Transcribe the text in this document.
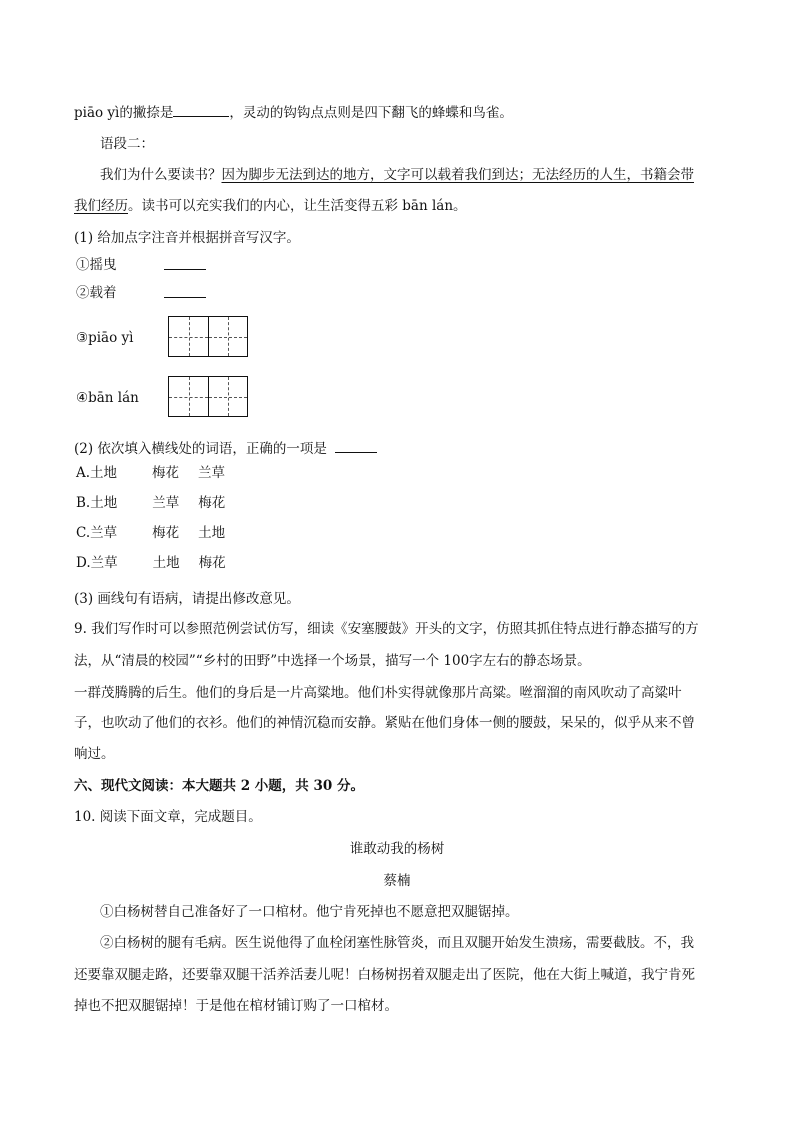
piāo yì的撇捺是	，灵动的钩钩点点则是四下翻飞的蜂蝶和鸟雀。
语段二：
我们为什么要读书？因为脚步无法到达的地方，文字可以载着我们到达；无法经历的人生，书籍会带
我们经历。读书可以充实我们的内心，让生活变得五彩 bān lán。
(1) 给加点字注音并根据拼音写汉字。
①摇曳
②载着
③piāo yì
④bān lán
(2) 依次填入横线处的词语，正确的一项是
A.土地	梅花 兰草
B.土地	兰草 梅花
C.兰草	梅花 土地
D.兰草	土地 梅花
(3) 画线句有语病，请提出修改意见。
9. 我们写作时可以参照范例尝试仿写，细读《安塞腰鼓》开头的文字，仿照其抓住特点进行静态描写的方
法，从“清晨的校园”“乡村的田野”中选择一个场景，描写一个 100字左右的静态场景。
一群茂腾腾的后生。他们的身后是一片高粱地。他们朴实得就像那片高粱。咝溜溜的南风吹动了高粱叶
子，也吹动了他们的衣衫。他们的神情沉稳而安静。紧贴在他们身体一侧的腰鼓，呆呆的，似乎从来不曾
响过。
六、现代文阅读：本大题共 2 小题，共 30 分。
10. 阅读下面文章，完成题目。
谁敢动我的杨树
蔡楠
①白杨树替自己准备好了一口棺材。他宁肯死掉也不愿意把双腿锯掉。
②白杨树的腿有毛病。医生说他得了血栓闭塞性脉管炎，而且双腿开始发生溃疡，需要截肢。不，我
还要靠双腿走路，还要靠双腿干活养活妻儿呢！白杨树拐着双腿走出了医院，他在大街上喊道，我宁肯死
掉也不把双腿锯掉！于是他在棺材铺订购了一口棺材。
